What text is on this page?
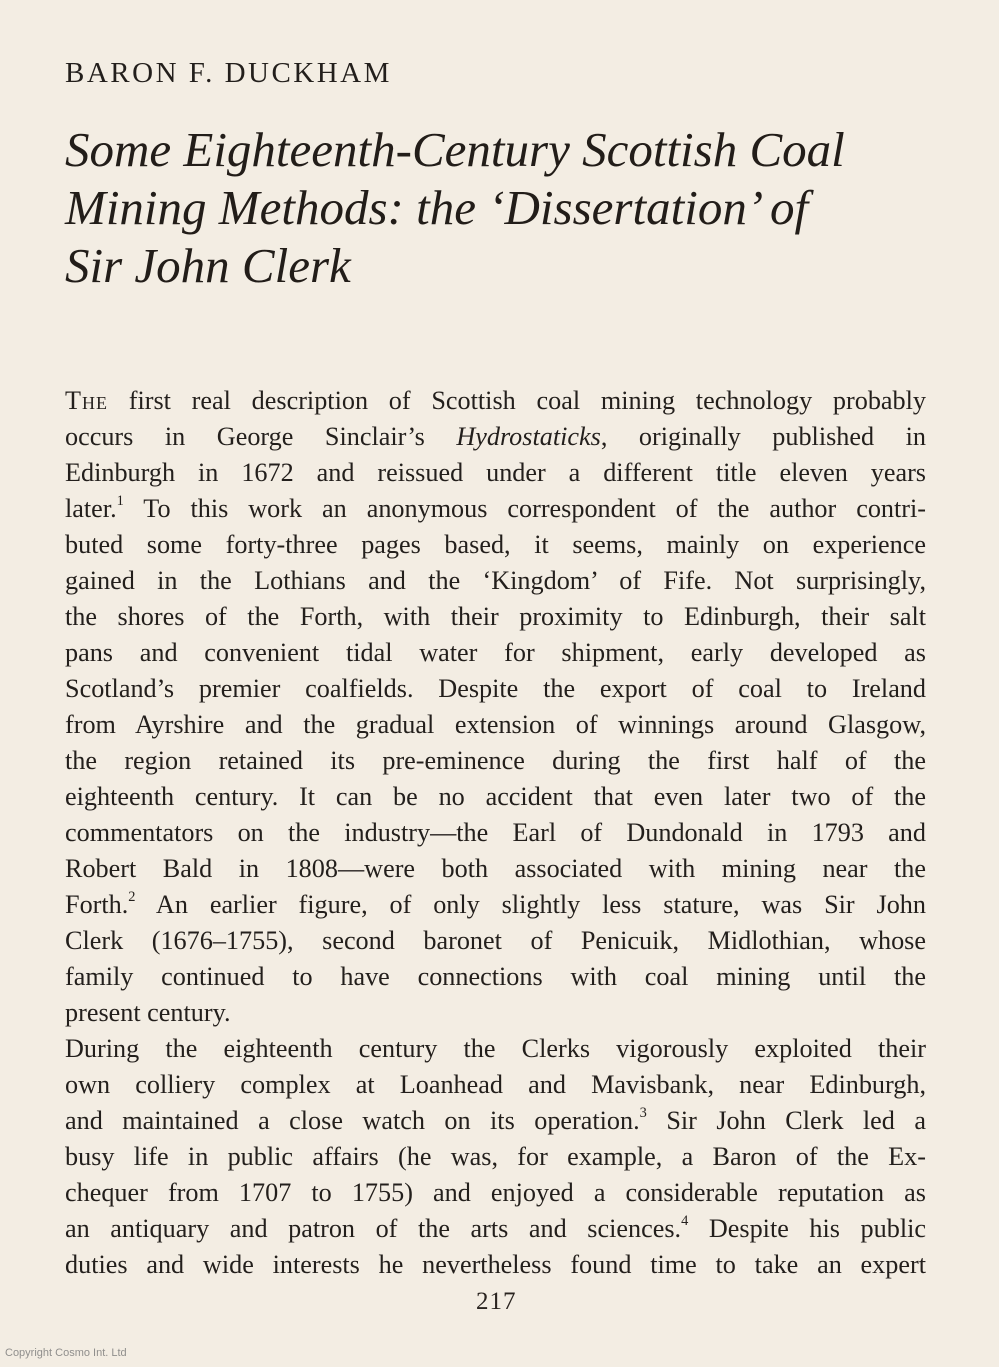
BARON F. DUCKHAM
Some Eighteenth-Century Scottish Coal
Mining Methods: the ‘Dissertation’ of
Sir John Clerk
The first real description of Scottish coal mining technology probably
occurs in George Sinclair’s Hydrostaticks, originally published in
Edinburgh in 1672 and reissued under a different title eleven years
later.$^1$ To this work an anonymous correspondent of the author contri-
buted some forty-three pages based, it seems, mainly on experience
gained in the Lothians and the ‘Kingdom’ of Fife. Not surprisingly,
the shores of the Forth, with their proximity to Edinburgh, their salt
pans and convenient tidal water for shipment, early developed as
Scotland’s premier coalfields. Despite the export of coal to Ireland
from Ayrshire and the gradual extension of winnings around Glasgow,
the region retained its pre-eminence during the first half of the
eighteenth century. It can be no accident that even later two of the
commentators on the industry—the Earl of Dundonald in 1793 and
Robert Bald in 1808—were both associated with mining near the
Forth.$^2$ An earlier figure, of only slightly less stature, was Sir John
Clerk (1676–1755), second baronet of Penicuik, Midlothian, whose
family continued to have connections with coal mining until the
present century.
During the eighteenth century the Clerks vigorously exploited their
own colliery complex at Loanhead and Mavisbank, near Edinburgh,
and maintained a close watch on its operation.$^3$ Sir John Clerk led a
busy life in public affairs (he was, for example, a Baron of the Ex-
chequer from 1707 to 1755) and enjoyed a considerable reputation as
an antiquary and patron of the arts and sciences.$^4$ Despite his public
duties and wide interests he nevertheless found time to take an expert
217
Copyright Cosmo Int. Ltd
